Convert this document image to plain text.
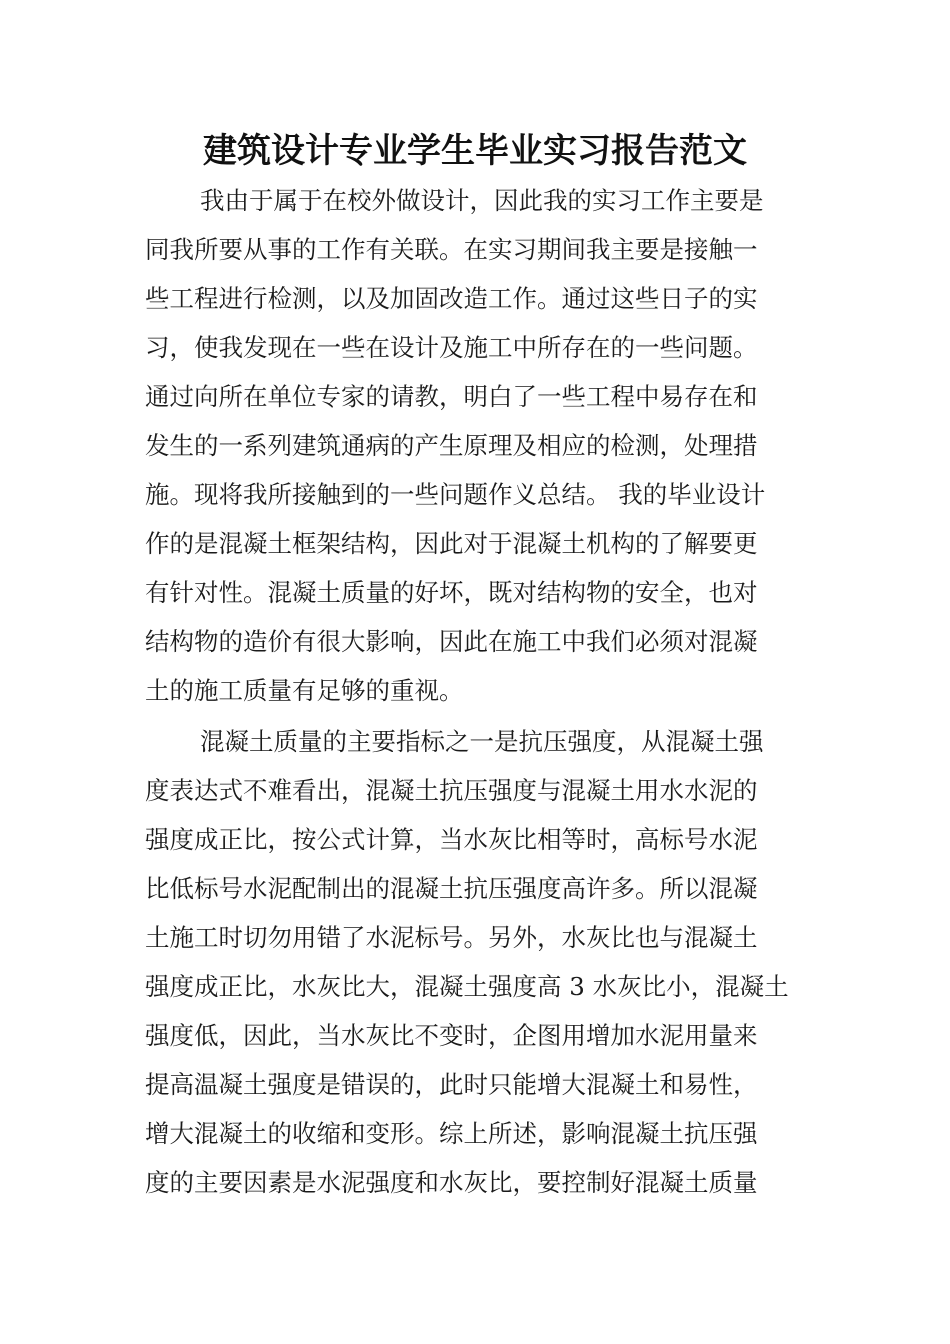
建筑设计专业学生毕业实习报告范文

我由于属于在校外做设计，因此我的实习工作主要是

同我所要从事的工作有关联。在实习期间我主要是接触一

些工程进行检测，以及加固改造工作。通过这些日子的实

习，使我发现在一些在设计及施工中所存在的一些问题。

通过向所在单位专家的请教，明白了一些工程中易存在和

发生的一系列建筑通病的产生原理及相应的检测，处理措

施。现将我所接触到的一些问题作义总结。 我的毕业设计

作的是混凝土框架结构，因此对于混凝土机构的了解要更

有针对性。混凝土质量的好坏，既对结构物的安全，也对

结构物的造价有很大影响，因此在施工中我们必须对混凝

土的施工质量有足够的重视。

混凝土质量的主要指标之一是抗压强度，从混凝土强

度表达式不难看出，混凝土抗压强度与混凝土用水水泥的

强度成正比，按公式计算，当水灰比相等时，高标号水泥

比低标号水泥配制出的混凝土抗压强度高许多。所以混凝

土施工时切勿用错了水泥标号。另外，水灰比也与混凝土

强度成正比，水灰比大，混凝土强度高 3 水灰比小，混凝土

强度低，因此，当水灰比不变时，企图用增加水泥用量来

提高温凝土强度是错误的，此时只能增大混凝土和易性，

增大混凝土的收缩和变形。综上所述，影响混凝土抗压强

度的主要因素是水泥强度和水灰比，要控制好混凝土质量
